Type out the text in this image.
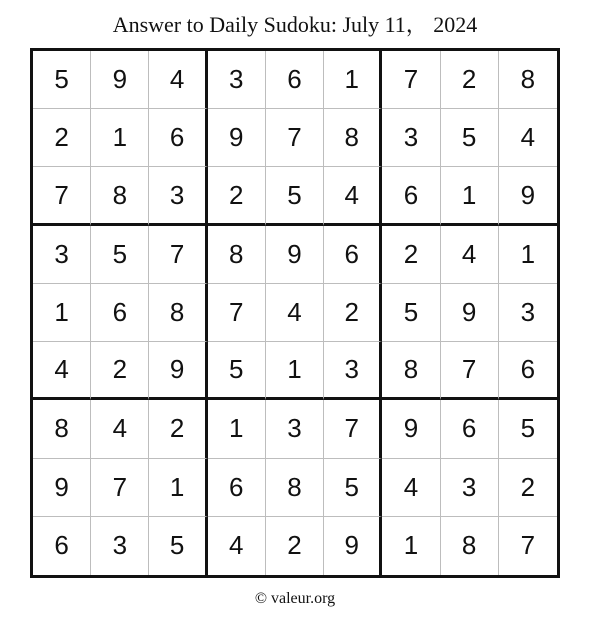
Answer to Daily Sudoku: July 11， 2024
5	9	4	3	6	1	7	2	8
2	1	6	9	7	8	3	5	4
7	8	3	2	5	4	6	1	9
3	5	7	8	9	6	2	4	1
1	6	8	7	4	2	5	9	3
4	2	9	5	1	3	8	7	6
8	4	2	1	3	7	9	6	5
9	7	1	6	8	5	4	3	2
6	3	5	4	2	9	1	8	7
© valeur.org
